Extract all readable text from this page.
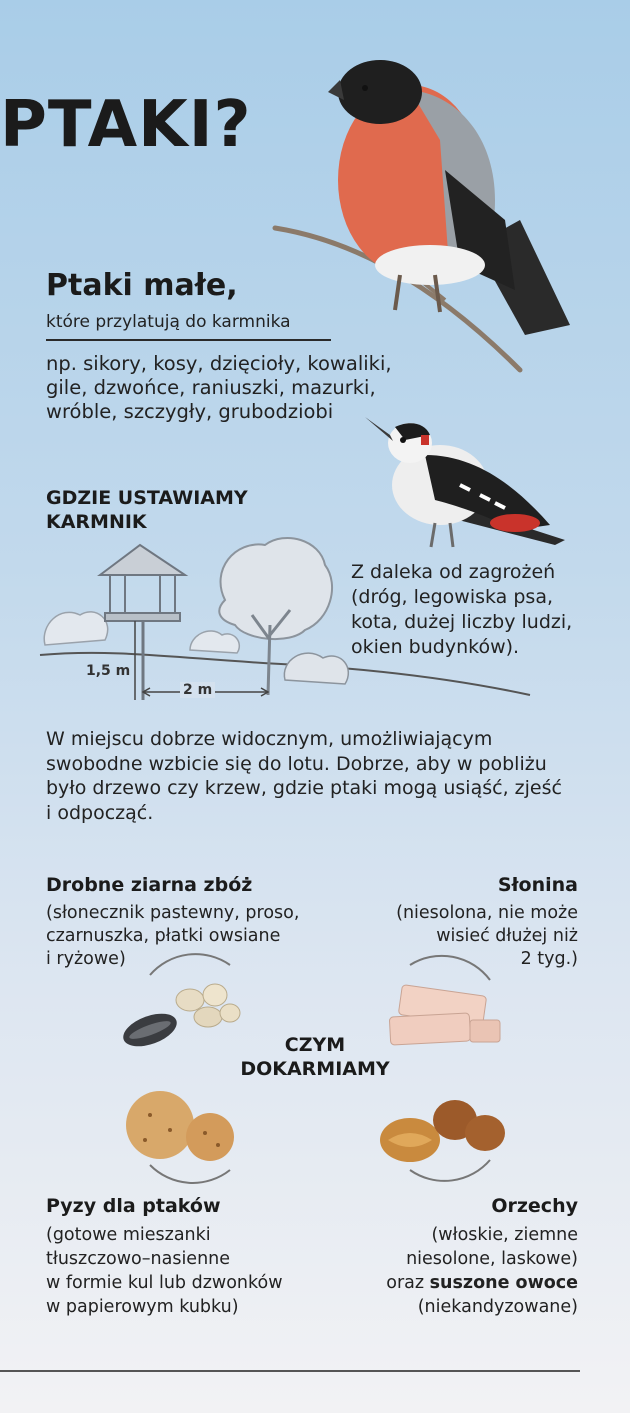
PTAKI?
Ptaki małe,
które przylatują do karmnika
np. sikory, kosy, dzięcioły, kowaliki,
gile, dzwońce, raniuszki, mazurki,
wróble, szczygły, grubodziobi
GDZIE USTAWIAMY
KARMNIK
1,5 m
2 m
Z daleka od zagrożeń
(dróg, legowiska psa,
kota, dużej liczby ludzi,
okien budynków).
W miejscu dobrze widocznym, umożliwiającym
swobodne wzbicie się do lotu. Dobrze, aby w pobliżu
było drzewo czy krzew, gdzie ptaki mogą usiąść, zjeść
i odpocząć.
Drobne ziarna zbóż
(słonecznik pastewny, proso,
czarnuszka, płatki owsiane
i ryżowe)
Słonina
(niesolona, nie może
wisieć dłużej niż
2 tyg.)
CZYM
DOKARMIAMY
Pyzy dla ptaków
(gotowe mieszanki
tłuszczowo–nasienne
w formie kul lub dzwonków
w papierowym kubku)
Orzechy
(włoskie, ziemne
niesolone, laskowe)
oraz suszone owoce
(niekandyzowane)
